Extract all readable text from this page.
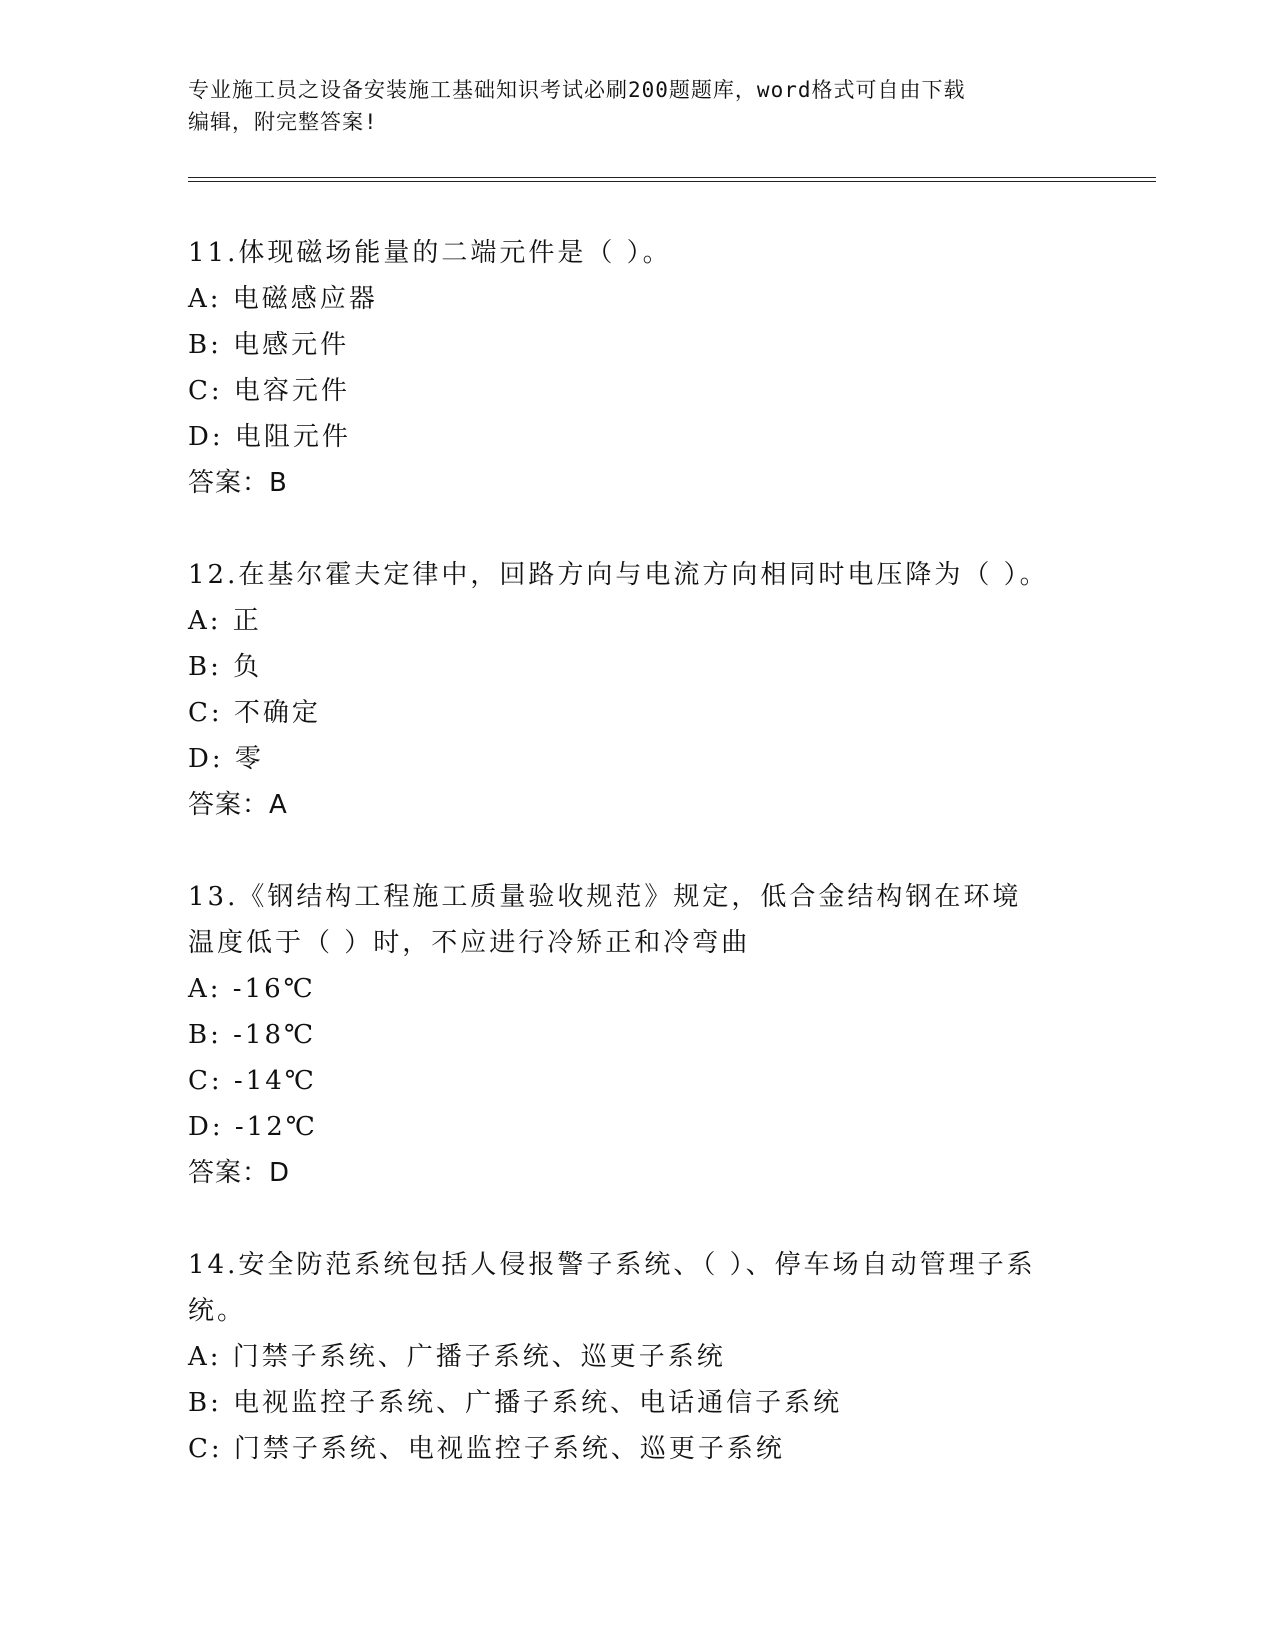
专业施工员之设备安装施工基础知识考试必刷200题题库，word格式可自由下载
编辑，附完整答案!

11.体现磁场能量的二端元件是（ ）。

A: 电磁感应器

B: 电感元件

C: 电容元件

D: 电阻元件

答案：B

12.在基尔霍夫定律中，回路方向与电流方向相同时电压降为（ ）。

A: 正

B: 负

C: 不确定

D: 零

答案：A

13.《钢结构工程施工质量验收规范》规定，低合金结构钢在环境温度低于（ ）时，不应进行冷矫正和冷弯曲

A: -16℃

B: -18℃

C: -14℃

D: -12℃

答案：D

14.安全防范系统包括人侵报警子系统、（ ）、停车场自动管理子系统。

A: 门禁子系统、广播子系统、巡更子系统

B: 电视监控子系统、广播子系统、电话通信子系统

C: 门禁子系统、电视监控子系统、巡更子系统
